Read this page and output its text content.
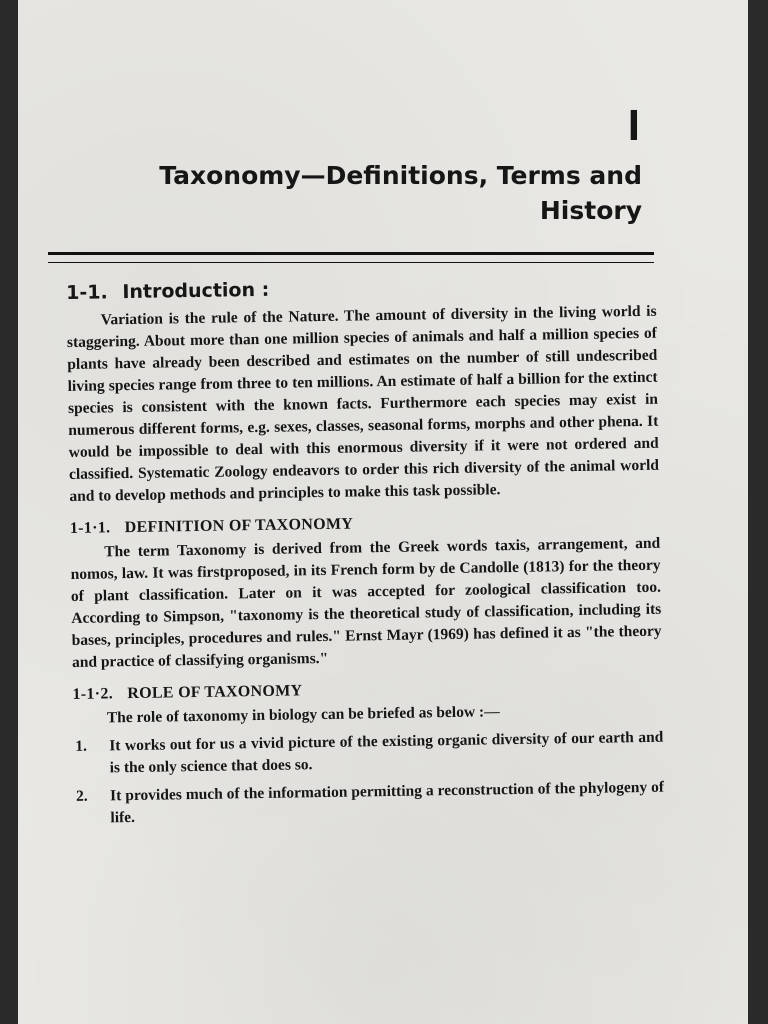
I
Taxonomy—Definitions, Terms and
History
1-1. Introduction :

Variation is the rule of the Nature. The amount of diversity in the living world is staggering. About more than one million species of animals and half a million species of plants have already been described and estimates on the number of still undescribed living species range from three to ten millions. An estimate of half a billion for the extinct species is consistent with the known facts. Furthermore each species may exist in numerous different forms, e.g. sexes, classes, seasonal forms, morphs and other phena. It would be impossible to deal with this enormous diversity if it were not ordered and classified. Systematic Zoology endeavors to order this rich diversity of the animal world and to develop methods and principles to make this task possible.

1-1·1. DEFINITION OF TAXONOMY

The term Taxonomy is derived from the Greek words taxis, arrangement, and nomos, law. It was firstproposed, in its French form by de Candolle (1813) for the theory of plant classification. Later on it was accepted for zoological classification too. According to Simpson, "taxonomy is the theoretical study of classification, including its bases, principles, procedures and rules." Ernst Mayr (1969) has defined it as "the theory and practice of classifying organisms."

1-1·2. ROLE OF TAXONOMY

The role of taxonomy in biology can be briefed as below :—

1.	It works out for us a vivid picture of the existing organic diversity of our earth and is the only science that does so.
2.	It provides much of the information permitting a reconstruction of the phylogeny of life.
